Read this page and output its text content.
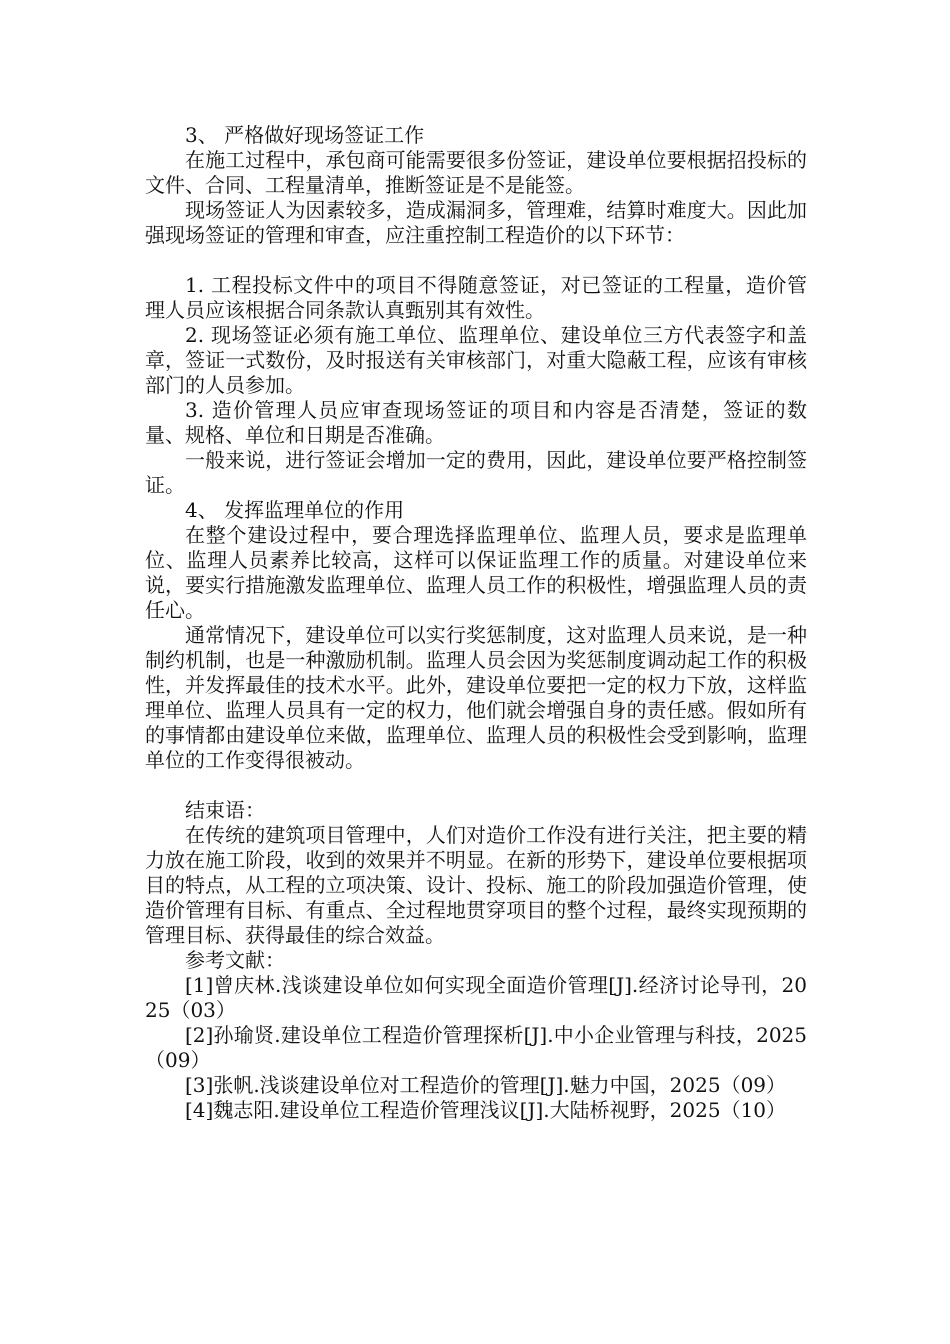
3、 严格做好现场签证工作

在施工过程中，承包商可能需要很多份签证，建设单位要根据招投标的文件、合同、工程量清单，推断签证是不是能签。

现场签证人为因素较多，造成漏洞多，管理难，结算时难度大。因此加强现场签证的管理和审查，应注重控制工程造价的以下环节：

1. 工程投标文件中的项目不得随意签证，对已签证的工程量，造价管理人员应该根据合同条款认真甄别其有效性。

2. 现场签证必须有施工单位、监理单位、建设单位三方代表签字和盖章，签证一式数份，及时报送有关审核部门，对重大隐蔽工程，应该有审核部门的人员参加。

3. 造价管理人员应审查现场签证的项目和内容是否清楚，签证的数量、规格、单位和日期是否准确。

一般来说，进行签证会增加一定的费用，因此，建设单位要严格控制签证。

4、 发挥监理单位的作用

在整个建设过程中，要合理选择监理单位、监理人员，要求是监理单位、监理人员素养比较高，这样可以保证监理工作的质量。对建设单位来说，要实行措施激发监理单位、监理人员工作的积极性，增强监理人员的责任心。

通常情况下，建设单位可以实行奖惩制度，这对监理人员来说，是一种制约机制，也是一种激励机制。监理人员会因为奖惩制度调动起工作的积极性，并发挥最佳的技术水平。此外，建设单位要把一定的权力下放，这样监理单位、监理人员具有一定的权力，他们就会增强自身的责任感。假如所有的事情都由建设单位来做，监理单位、监理人员的积极性会受到影响，监理单位的工作变得很被动。

结束语：

在传统的建筑项目管理中，人们对造价工作没有进行关注，把主要的精力放在施工阶段，收到的效果并不明显。在新的形势下，建设单位要根据项目的特点，从工程的立项决策、设计、投标、施工的阶段加强造价管理，使造价管理有目标、有重点、全过程地贯穿项目的整个过程，最终实现预期的管理目标、获得最佳的综合效益。

参考文献：

[1]曾庆林.浅谈建设单位如何实现全面造价管理[J].经济讨论导刊，2025（03）

[2]孙瑜贤.建设单位工程造价管理探析[J].中小企业管理与科技，2025（09）

[3]张帆.浅谈建设单位对工程造价的管理[J].魅力中国，2025（09）

[4]魏志阳.建设单位工程造价管理浅议[J].大陆桥视野，2025（10）
